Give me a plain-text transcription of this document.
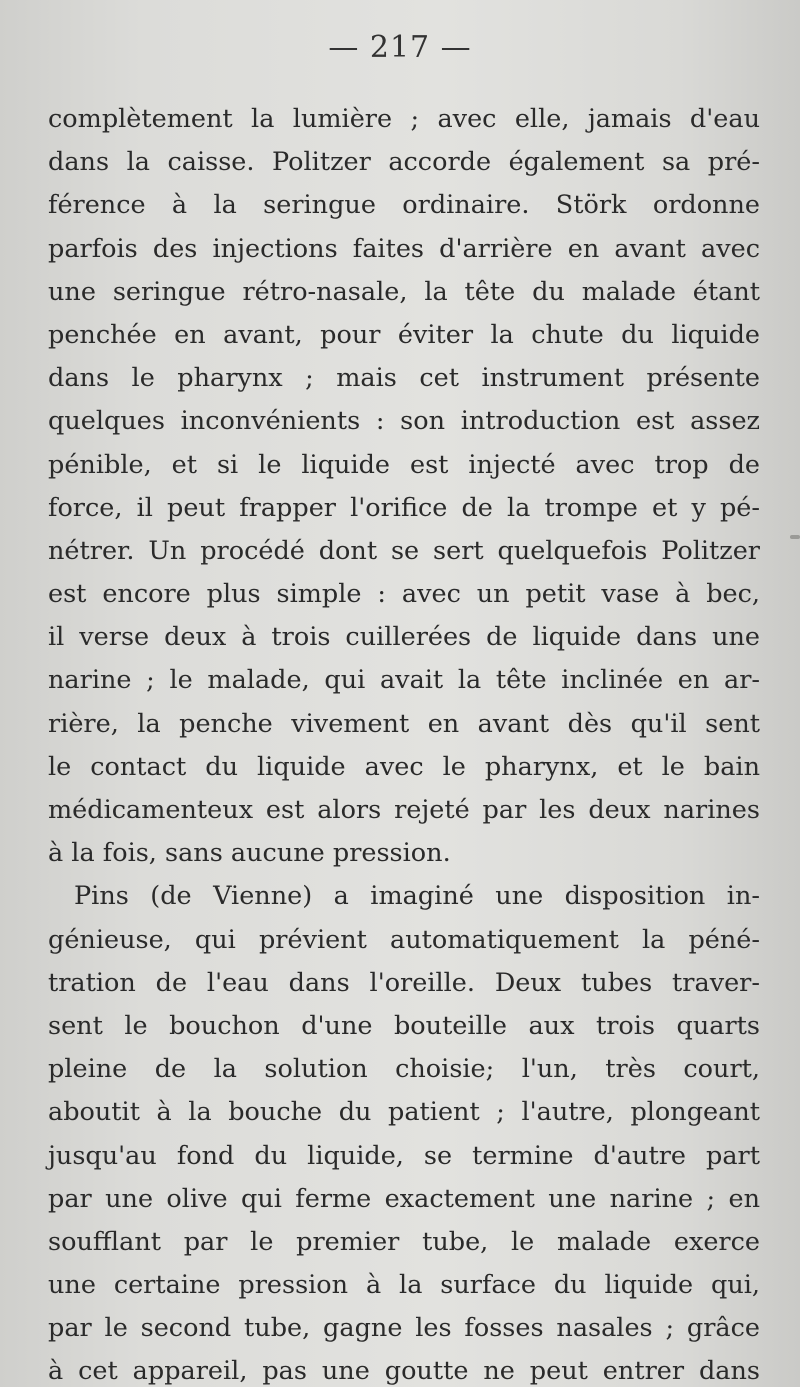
— 217 —
complètement la lumière ; avec elle, jamais d'eau
dans la caisse. Politzer accorde également sa pré-
férence à la seringue ordinaire. Störk ordonne
parfois des injections faites d'arrière en avant avec
une seringue rétro-nasale, la tête du malade étant
penchée en avant, pour éviter la chute du liquide
dans le pharynx ; mais cet instrument présente
quelques inconvénients : son introduction est assez
pénible, et si le liquide est injecté avec trop de
force, il peut frapper l'orifice de la trompe et y pé-
nétrer. Un procédé dont se sert quelquefois Politzer
est encore plus simple : avec un petit vase à bec,
il verse deux à trois cuillerées de liquide dans une
narine ; le malade, qui avait la tête inclinée en ar-
rière, la penche vivement en avant dès qu'il sent
le contact du liquide avec le pharynx, et le bain
médicamenteux est alors rejeté par les deux narines
à la fois, sans aucune pression.
Pins (de Vienne) a imaginé une disposition in-
génieuse, qui prévient automatiquement la péné-
tration de l'eau dans l'oreille. Deux tubes traver-
sent le bouchon d'une bouteille aux trois quarts
pleine de la solution choisie; l'un, très court,
aboutit à la bouche du patient ; l'autre, plongeant
jusqu'au fond du liquide, se termine d'autre part
par une olive qui ferme exactement une narine ; en
soufflant par le premier tube, le malade exerce
une certaine pression à la surface du liquide qui,
par le second tube, gagne les fosses nasales ; grâce
à cet appareil, pas une goutte ne peut entrer dans
